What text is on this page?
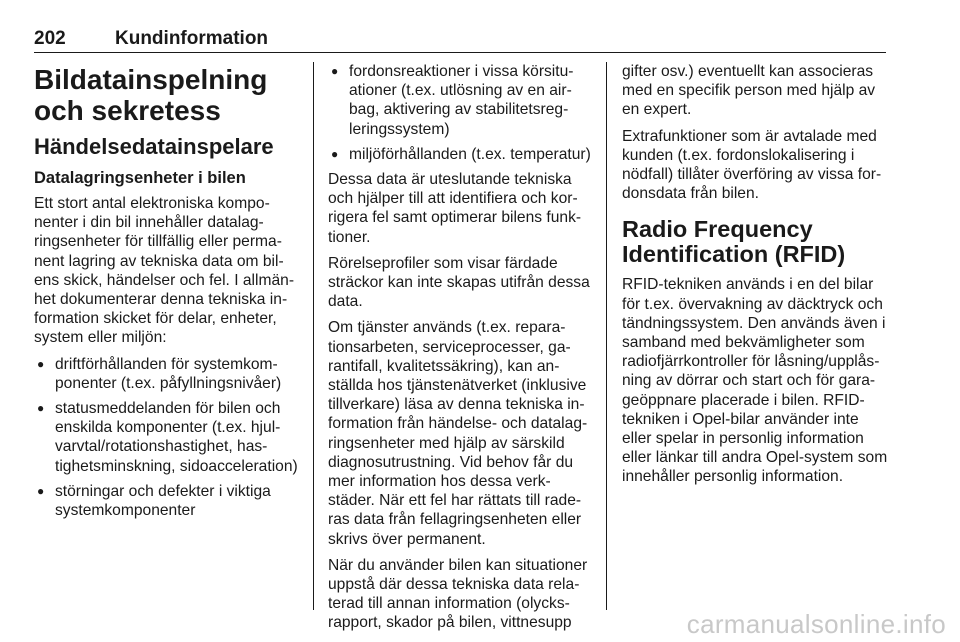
202	Kundinformation
Bildatainspelning och sekretess
Händelsedatainspelare
Datalagringsenheter i bilen

Ett stort antal elektroniska komponenter i din bil innehåller datalagringsenheter för tillfällig eller permanent lagring av tekniska data om bilens skick, händelser och fel. I allmänhet dokumenterar denna tekniska information skicket för delar, enheter, system eller miljön:

● driftförhållanden för systemkomponenter (t.ex. påfyllningsnivåer)
● statusmeddelanden för bilen och enskilda komponenter (t.ex. hjulvarvtal/rotationshastighet, hastighetsminskning, sidoacceleration)
● störningar och defekter i viktiga systemkomponenter
● fordonsreaktioner i vissa körsituationer (t.ex. utlösning av en airbag, aktivering av stabilitetsregleringssystem)
● miljöförhållanden (t.ex. temperatur)

Dessa data är uteslutande tekniska och hjälper till att identifiera och korrigera fel samt optimerar bilens funktioner.

Rörelseprofiler som visar färdade sträckor kan inte skapas utifrån dessa data.

Om tjänster används (t.ex. reparationsarbeten, serviceprocesser, garantifall, kvalitetssäkring), kan anställda hos tjänstenätverket (inklusive tillverkare) läsa av denna tekniska information från händelse- och datalagringsenheter med hjälp av särskild diagnosutrustning. Vid behov får du mer information hos dessa verkstäder. När ett fel har rättats till raderas data från fellagringsenheten eller skrivs över permanent.

När du använder bilen kan situationer uppstå där dessa tekniska data relaterad till annan information (olycksrapport, skador på bilen, vittnesupp

gifter osv.) eventuellt kan associeras med en specifik person med hjälp av en expert.

Extrafunktioner som är avtalade med kunden (t.ex. fordonslokalisering i nödfall) tillåter överföring av vissa fordonsdata från bilen.

Radio Frequency Identification (RFID)

RFID-tekniken används i en del bilar för t.ex. övervakning av däcktryck och tändningssystem. Den används även i samband med bekvämligheter som radiofjärrkontroller för låsning/upplåsning av dörrar och start och för garageöppnare placerade i bilen. RFID-tekniken i Opel-bilar använder inte eller spelar in personlig information eller länkar till andra Opel-system som innehåller personlig information.

carmanualsonline.info
